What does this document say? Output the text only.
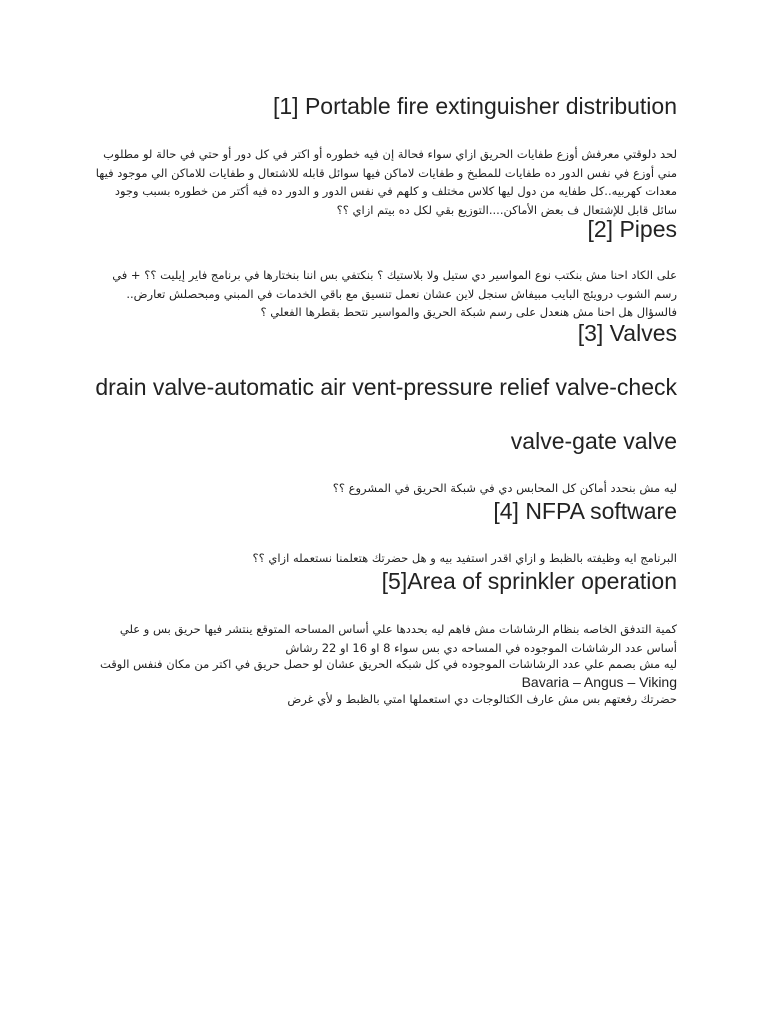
[1] Portable fire extinguisher distribution

لحد دلوقتي معرفش أوزع طفايات الحريق ازاي سواء فحالة إن فيه خطوره أو اكتر في كل دور أو حتي في حالة لو مطلوب مني أوزع في نفس الدور ده طفايات للمطبخ و طفايات لاماكن فيها سوائل قابله للاشتعال و طفايات للاماكن الي موجود فيها معدات كهربيه..كل طفايه من دول ليها كلاس مختلف و كلهم في نفس الدور و الدور ده فيه أكتر من خطوره بسبب وجود سائل قابل للإشتعال ف بعض الأماكن....التوزيع بقي لكل ده بيتم ازاي ؟؟

[2] Pipes

على الكاد احنا مش بنكتب نوع المواسير دي ستيل ولا بلاستيك ؟ بنكتفي بس اننا بنختارها في برنامج فاير إيليت ؟؟ + في رسم الشوب درويئج البايب مبيفاش سنجل لاين عشان نعمل تنسيق مع باقي الخدمات في المبني ومبحصلش تعارض.. فالسؤال هل احنا مش هنعدل على رسم شبكة الحريق والمواسير نتحط بقطرها الفعلي ؟

[3] Valves
drain valve-automatic air vent-pressure relief valve-check
valve-gate valve

ليه مش بنحدد أماكن كل المحابس دي في شبكة الحريق في المشروع ؟؟

[4] NFPA software

البرنامج ايه وظيفته بالظبط و ازاي اقدر استفيد بيه و هل حضرتك هتعلمنا نستعمله ازاي ؟؟

[5]Area of sprinkler operation

كمية التدفق الخاصه بنظام الرشاشات مش فاهم ليه بحددها علي أساس المساحه المتوقع ينتشر فيها حريق بس و علي أساس عدد الرشاشات الموجوده في المساحه دي بس سواء 8 او 16 او 22 رشاش

ليه مش بصمم علي عدد الرشاشات الموجوده في كل شبكه الحريق عشان لو حصل حريق في اكتر من مكان فنفس الوقت

Bavaria – Angus – Viking

حضرتك رفعتهم بس مش عارف الكتالوجات دي استعملها امتي بالظبط و لأي غرض
